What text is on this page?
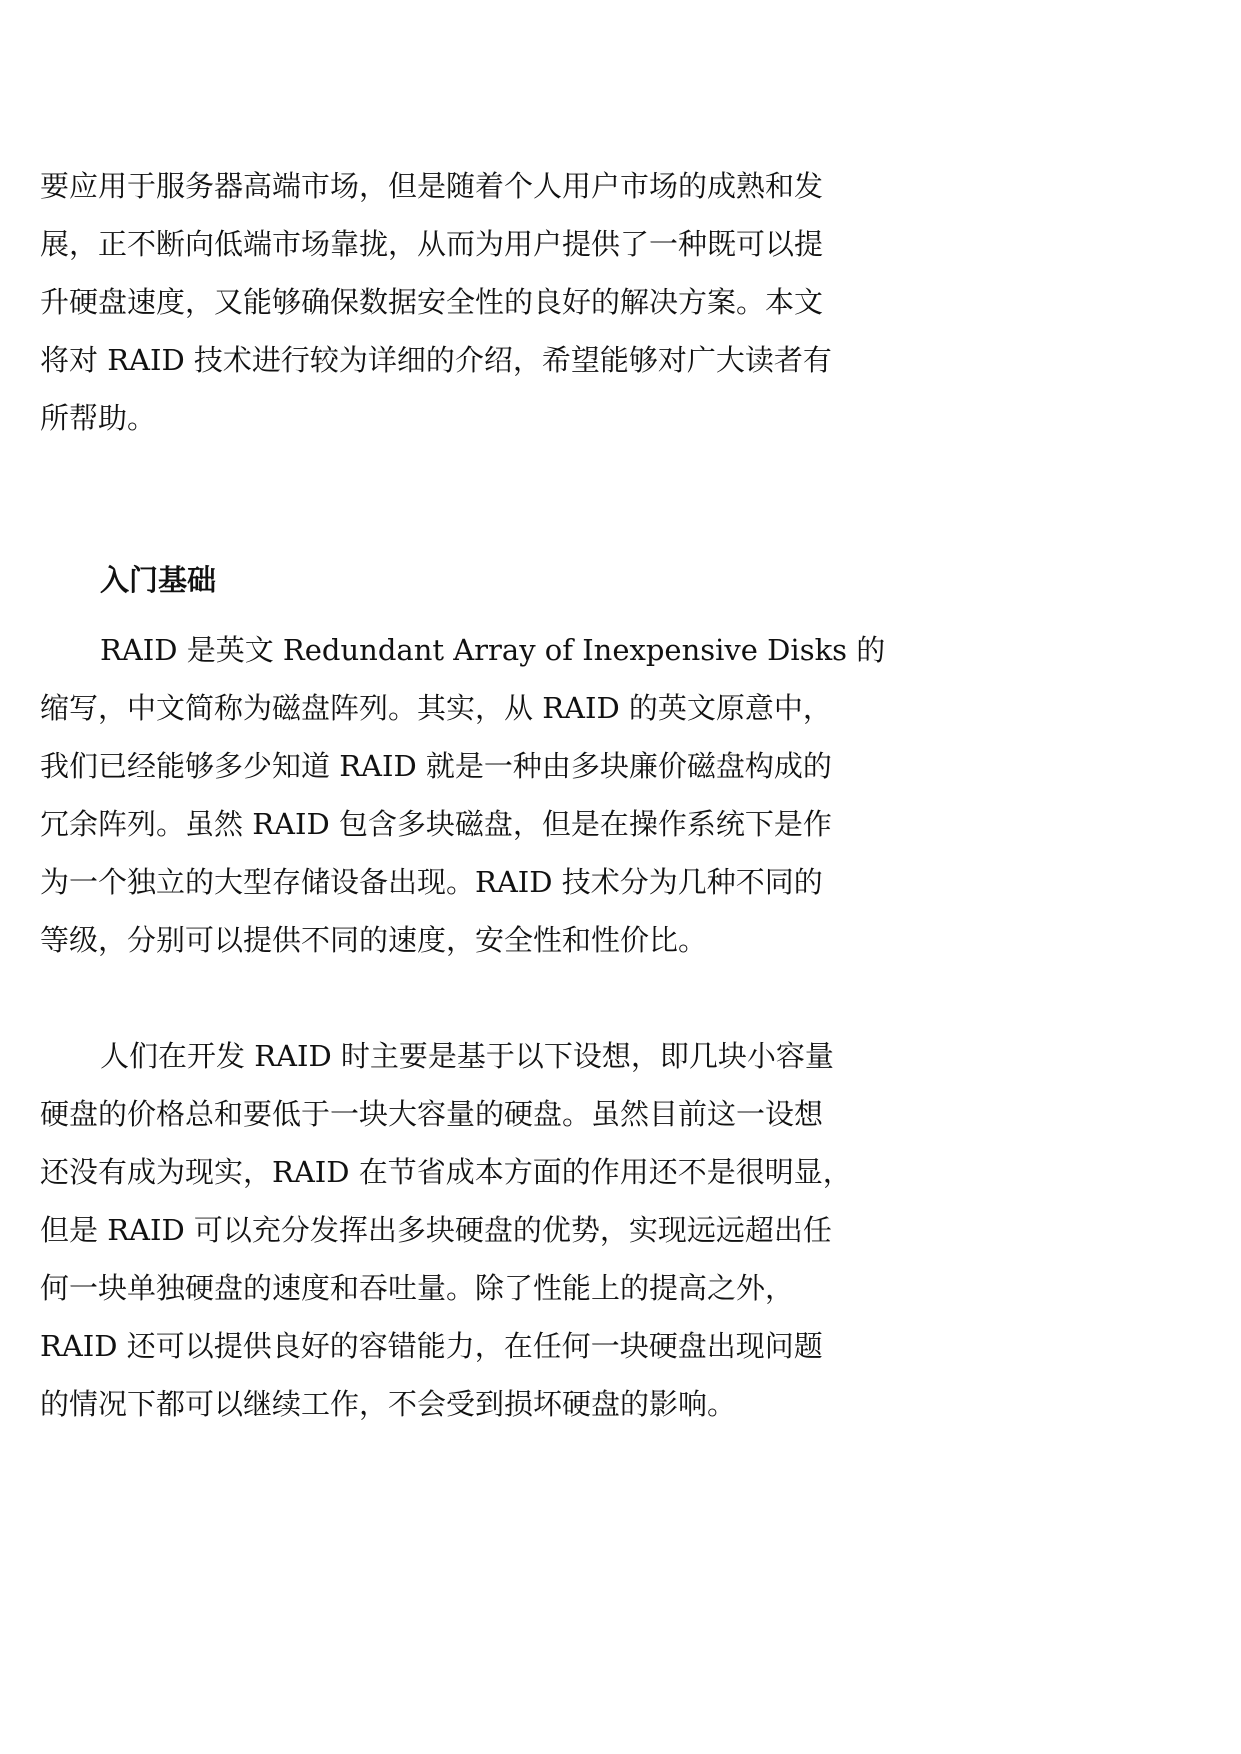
要应用于服务器高端市场，但是随着个人用户市场的成熟和发
展，正不断向低端市场靠拢，从而为用户提供了一种既可以提
升硬盘速度，又能够确保数据安全性的良好的解决方案。本文
将对 RAID 技术进行较为详细的介绍，希望能够对广大读者有
所帮助。
入门基础
RAID 是英文 Redundant Array of Inexpensive Disks 的
缩写，中文简称为磁盘阵列。其实，从 RAID 的英文原意中，
我们已经能够多少知道 RAID 就是一种由多块廉价磁盘构成的
冗余阵列。虽然 RAID 包含多块磁盘，但是在操作系统下是作
为一个独立的大型存储设备出现。RAID 技术分为几种不同的
等级，分别可以提供不同的速度，安全性和性价比。
人们在开发 RAID 时主要是基于以下设想，即几块小容量
硬盘的价格总和要低于一块大容量的硬盘。虽然目前这一设想
还没有成为现实，RAID 在节省成本方面的作用还不是很明显，
但是 RAID 可以充分发挥出多块硬盘的优势，实现远远超出任
何一块单独硬盘的速度和吞吐量。除了性能上的提高之外，
RAID 还可以提供良好的容错能力，在任何一块硬盘出现问题
的情况下都可以继续工作，不会受到损坏硬盘的影响。
